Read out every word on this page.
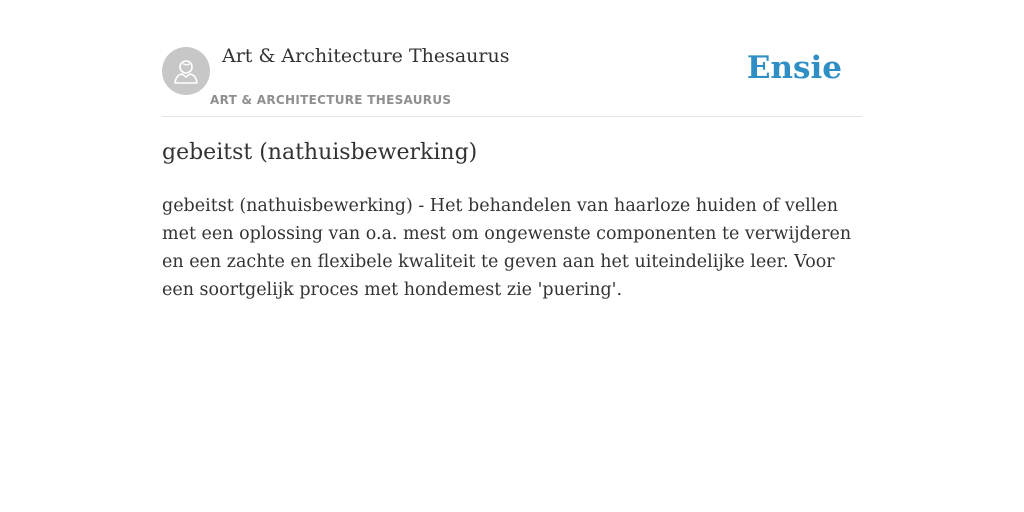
Art & Architecture Thesaurus
ART & ARCHITECTURE THESAURUS
Ensie
gebeitst (nathuisbewerking)

gebeitst (nathuisbewerking) - Het behandelen van haarloze huiden of vellen met een oplossing van o.a. mest om ongewenste componenten te verwijderen en een zachte en flexibele kwaliteit te geven aan het uiteindelijke leer. Voor een soortgelijk proces met hondemest zie 'puering'.
